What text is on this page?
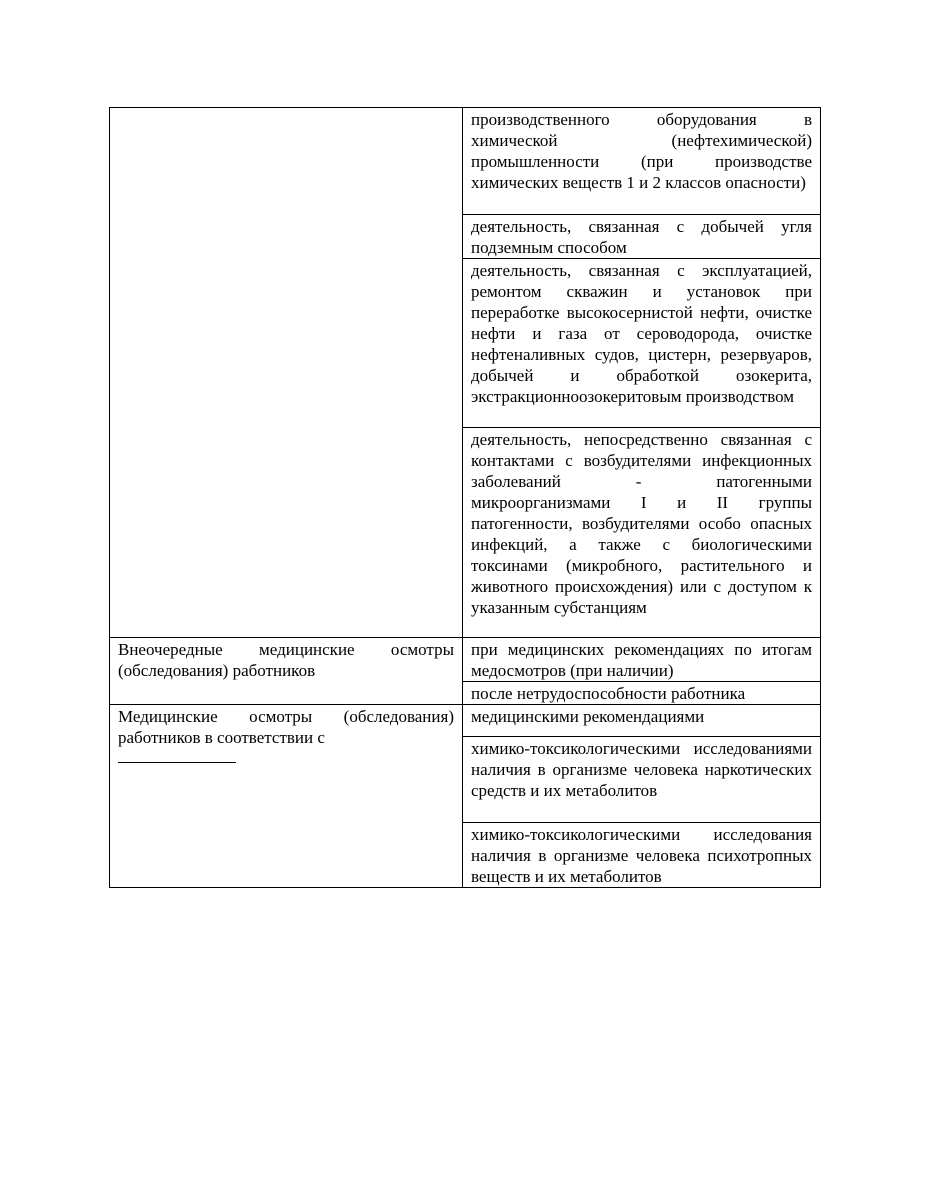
	производственного оборудования в химической (нефтехимической) промышленности (при производстве химических веществ 1 и 2 классов опасности)

	деятельность, связанная с добычей угля подземным способом

	деятельность, связанная с эксплуатацией, ремонтом скважин и установок при переработке высокосернистой нефти, очистке нефти и газа от сероводорода, очистке нефтеналивных судов, цистерн, резервуаров, добычей и обработкой озокерита, экстракционноозокеритовым производством

	деятельность, непосредственно связанная с контактами с возбудителями инфекционных заболеваний - патогенными микроорганизмами I и II группы патогенности, возбудителями особо опасных инфекций, а также с биологическими токсинами (микробного, растительного и животного происхождения) или с доступом к указанным субстанциям

Внеочередные медицинские осмотры (обследования) работников	при медицинских рекомендациях по итогам медосмотров (при наличии)

	после нетрудоспособности работника

Медицинские осмотры (обследования) работников в соответствии с	медицинскими рекомендациями

	химико-токсикологическими исследованиями наличия в организме человека наркотических средств и их метаболитов

	химико-токсикологическими исследования наличия в организме человека психотропных веществ и их метаболитов
